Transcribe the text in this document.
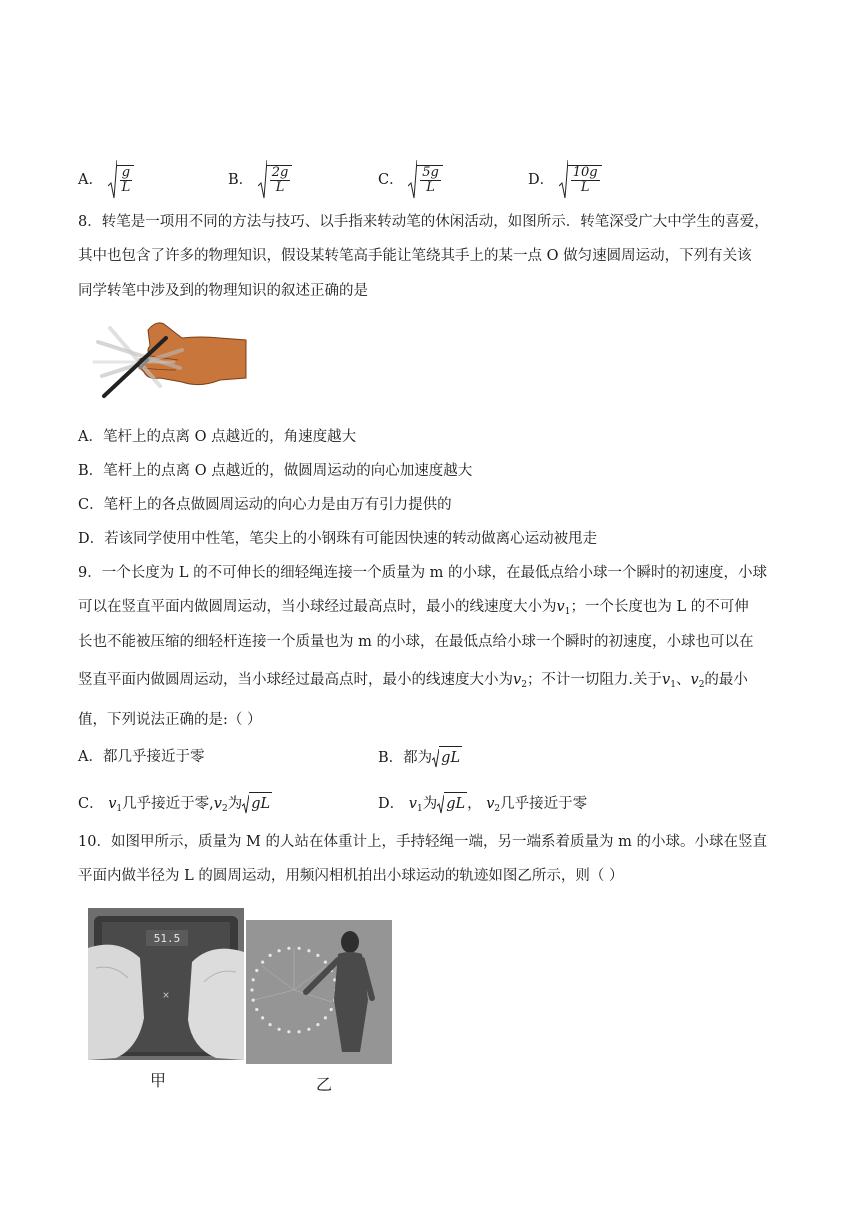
A． $\frac{g}{L}$	B． $\frac{2g}{L}$	C． $\frac{5g}{L}$	D． $\frac{10g}{L}$
8．转笔是一项用不同的方法与技巧、以手指来转动笔的休闲活动，如图所示．转笔深受广大中学生的喜爱，
其中也包含了许多的物理知识，假设某转笔高手能让笔绕其手上的某一点 O 做匀速圆周运动，下列有关该
同学转笔中涉及到的物理知识的叙述正确的是
A．笔杆上的点离 O 点越近的，角速度越大
B．笔杆上的点离 O 点越近的，做圆周运动的向心加速度越大
C．笔杆上的各点做圆周运动的向心力是由万有引力提供的
D．若该同学使用中性笔，笔尖上的小钢珠有可能因快速的转动做离心运动被甩走
9．一个长度为 L 的不可伸长的细轻绳连接一个质量为 m 的小球，在最低点给小球一个瞬时的初速度，小球
可以在竖直平面内做圆周运动，当小球经过最高点时，最小的线速度大小为$v_1$；一个长度也为 L 的不可伸
长也不能被压缩的细轻杆连接一个质量也为 m 的小球，在最低点给小球一个瞬时的初速度，小球也可以在
竖直平面内做圆周运动，当小球经过最高点时，最小的线速度大小为$v_2$；不计一切阻力.关于$v_1$、$v_2$的最小
值，下列说法正确的是:（ ）
A．都几乎接近于零	B．都为 gL
C． $v_1$几乎接近于零$,v_2$为 gL	D． $v_1$为 gL ， $v_2$几乎接近于零
10．如图甲所示，质量为 M 的人站在体重计上，手持轻绳一端，另一端系着质量为 m 的小球。小球在竖直
平面内做半径为 L 的圆周运动，用频闪相机拍出小球运动的轨迹如图乙所示，则（ ）
51.5
×
甲	乙
